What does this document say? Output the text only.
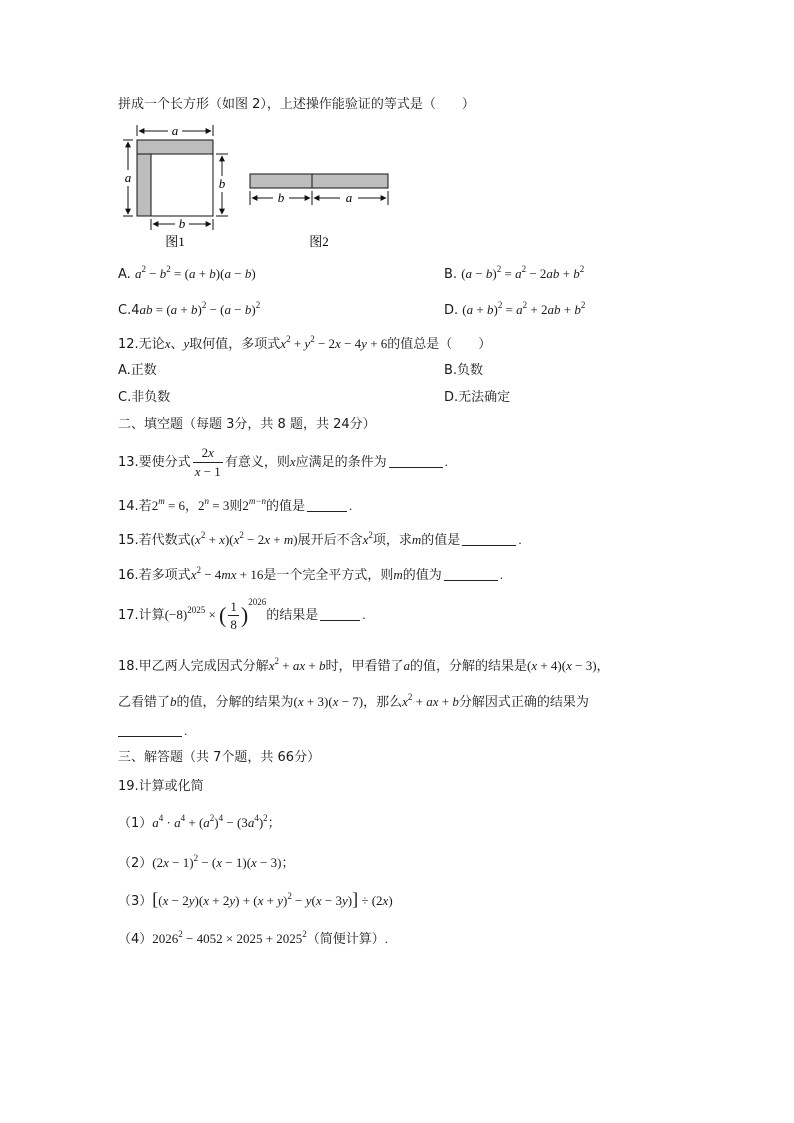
拼成一个长方形（如图 2），上述操作能验证的等式是（　　）
a
a	b
b
图1
b	a
图2
A. $a^2 - b^2 = (a + b)(a - b)$	B. $(a - b)^2 = a^2 - 2ab + b^2$
$C.4ab = (a + b)^2 - (a - b)^2$	D. $(a + b)^2 = a^2 + 2ab + b^2$
12.无论x、y取何值，多项式$x^2 + y^2 - 2x - 4y + 6$的值总是（　　）
A.正数	B.负数
C.非负数	D.无法确定
二、填空题（每题 3分，共 8 题，共 24分）
13.要使分式 $\frac{2x}{x - 1}$ 有意义，则x应满足的条件为	.
14.若$2^m = 6$，$2^n = 3$则$2^{m-n}$的值是	.
15.若代数式$(x^2 + x)(x^2 - 2x + m)$展开后不含$x^2$项，求m的值是	.
16.若多项式$x^2 - 4mx + 16$是一个完全平方式，则m的值为	.
17.计算$(-8)^{2025}$ × ( $\frac{1}{8} )^{2026}$的结果是	.
18.甲乙两人完成因式分解$x^2$ + ax + b时，甲看错了a的值，分解的结果是(x + 4)(x − 3)，
乙看错了b的值，分解的结果为(x + 3)(x − 7)，那么$x^2$ + ax + b分解因式正确的结果为
.
三、解答题（共 7个题，共 66分）
19.计算或化简
$(1)a^4 \cdot a^4 + (a^2)^4 - (3a^4)^2$；
$(2)(2x - 1)^2 - (x - 1)(x - 3)$；
$(3)[(x - 2y)(x + 2y) + (x + y)^2 - y(x - 3y)] \div (2x)$
$(4)2026^2 - 4052 \times 2025 + 2025^2$（简便计算）.
